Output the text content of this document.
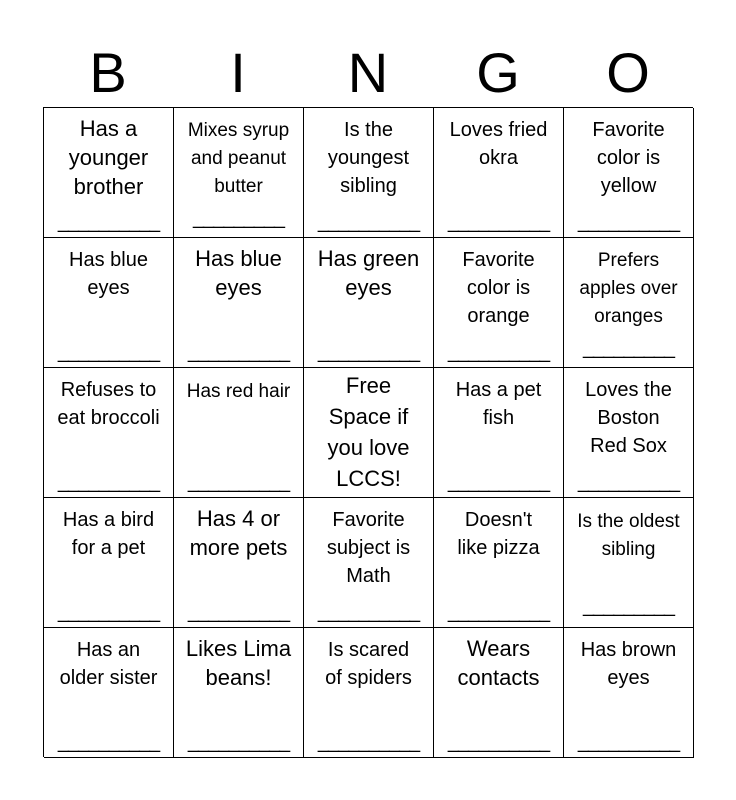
B	I	N	G	O
Has a
younger
brother
__________
Mixes syrup
and peanut
butter
_________
Is the
youngest
sibling
__________
Loves fried
okra
__________
Favorite
color is
yellow
__________
Has blue
eyes
__________
Has blue
eyes
__________
Has green
eyes
__________
Favorite
color is
orange
__________
Prefers
apples over
oranges
_________
Refuses to
eat broccoli
__________
Has red hair
__________
Free
Space if
you love
LCCS!
Has a pet
fish
__________
Loves the
Boston
Red Sox
__________
Has a bird
for a pet
__________
Has 4 or
more pets
__________
Favorite
subject is
Math
__________
Doesn't
like pizza
__________
Is the oldest
sibling
_________
Has an
older sister
__________
Likes Lima
beans!
__________
Is scared
of spiders
__________
Wears
contacts
__________
Has brown
eyes
__________
